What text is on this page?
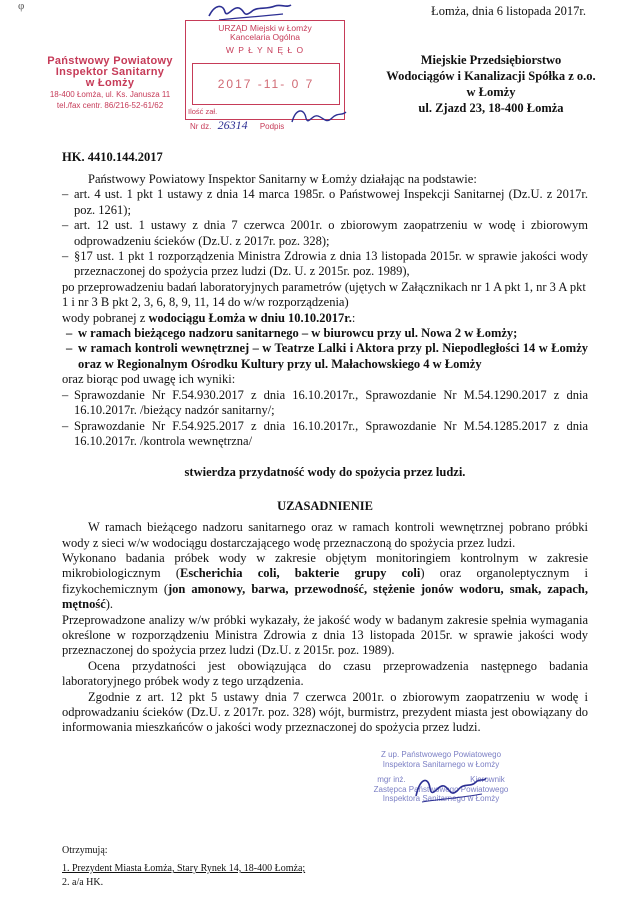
φ	Łomża, dnia 6 listopada 2017r.
URZĄD Miejski w Łomży
Kancelaria Ogólna
W P Ł Y N Ę Ł O
2017 -11- 0 7
Ilość zał.
Nr dz. 26314 Podpis
Państwowy Powiatowy
Inspektor Sanitarny
w Łomży
18-400 Łomża, ul. Ks. Janusza 11
tel./fax centr. 86/216-52-61/62
Miejskie Przedsiębiorstwo
Wodociągów i Kanalizacji Spółka z o.o.
w Łomży
ul. Zjazd 23, 18-400 Łomża
HK. 4410.144.2017

Państwowy Powiatowy Inspektor Sanitarny w Łomży działając na podstawie:

– art. 4 ust. 1 pkt 1 ustawy z dnia 14 marca 1985r. o Państwowej Inspekcji Sanitarnej (Dz.U. z 2017r. poz. 1261);
– art. 12 ust. 1 ustawy z dnia 7 czerwca 2001r. o zbiorowym zaopatrzeniu w wodę i zbiorowym odprowadzeniu ścieków (Dz.U. z 2017r. poz. 328);
– §17 ust. 1 pkt 1 rozporządzenia Ministra Zdrowia z dnia 13 listopada 2015r. w sprawie jakości wody przeznaczonej do spożycia przez ludzi (Dz. U. z 2015r. poz. 1989),
po przeprowadzeniu badań laboratoryjnych parametrów (ujętych w Załącznikach nr 1 A pkt 1, nr 3 A pkt 1 i nr 3 B pkt 2, 3, 6, 8, 9, 11, 14 do w/w rozporządzenia)
wody pobranej z wodociągu Łomża w dniu 10.10.2017r.:
– w ramach bieżącego nadzoru sanitarnego – w biurowcu przy ul. Nowa 2 w Łomży;
– w ramach kontroli wewnętrznej – w Teatrze Lalki i Aktora przy pl. Niepodległości 14 w Łomży oraz w Regionalnym Ośrodku Kultury przy ul. Małachowskiego 4 w Łomży
oraz biorąc pod uwagę ich wyniki:
– Sprawozdanie Nr F.54.930.2017 z dnia 16.10.2017r., Sprawozdanie Nr M.54.1290.2017 z dnia 16.10.2017r. /bieżący nadzór sanitarny/;
– Sprawozdanie Nr F.54.925.2017 z dnia 16.10.2017r., Sprawozdanie Nr M.54.1285.2017 z dnia 16.10.2017r. /kontrola wewnętrzna/
stwierdza przydatność wody do spożycia przez ludzi.
UZASADNIENIE

W ramach bieżącego nadzoru sanitarnego oraz w ramach kontroli wewnętrznej pobrano próbki wody z sieci w/w wodociągu dostarczającego wodę przeznaczoną do spożycia przez ludzi.

Wykonano badania próbek wody w zakresie objętym monitoringiem kontrolnym w zakresie mikrobiologicznym (Escherichia coli, bakterie grupy coli) oraz organoleptycznym i fizykochemicznym (jon amonowy, barwa, przewodność, stężenie jonów wodoru, smak, zapach, mętność).

Przeprowadzone analizy w/w próbki wykazały, że jakość wody w badanym zakresie spełnia wymagania określone w rozporządzeniu Ministra Zdrowia z dnia 13 listopada 2015r. w sprawie jakości wody przeznaczonej do spożycia przez ludzi (Dz.U. z 2015r. poz. 1989).

Ocena przydatności jest obowiązująca do czasu przeprowadzenia następnego badania laboratoryjnego próbek wody z tego urządzenia.

Zgodnie z art. 12 pkt 5 ustawy dnia 7 czerwca 2001r. o zbiorowym zaopatrzeniu w wodę i odprowadzaniu ścieków (Dz.U. z 2017r. poz. 328) wójt, burmistrz, prezydent miasta jest obowiązany do informowania mieszkańców o jakości wody przeznaczonej do spożycia przez ludzi.

Z up. Państwowego Powiatowego
Inspektora Sanitarnego w Łomży
mgr inż.	Kierownik
Zastępca Państwowego Powiatowego
Inspektora Sanitarnego w Łomży
Otrzymują:
1. Prezydent Miasta Łomża, Stary Rynek 14, 18-400 Łomża;
2. a/a HK.
